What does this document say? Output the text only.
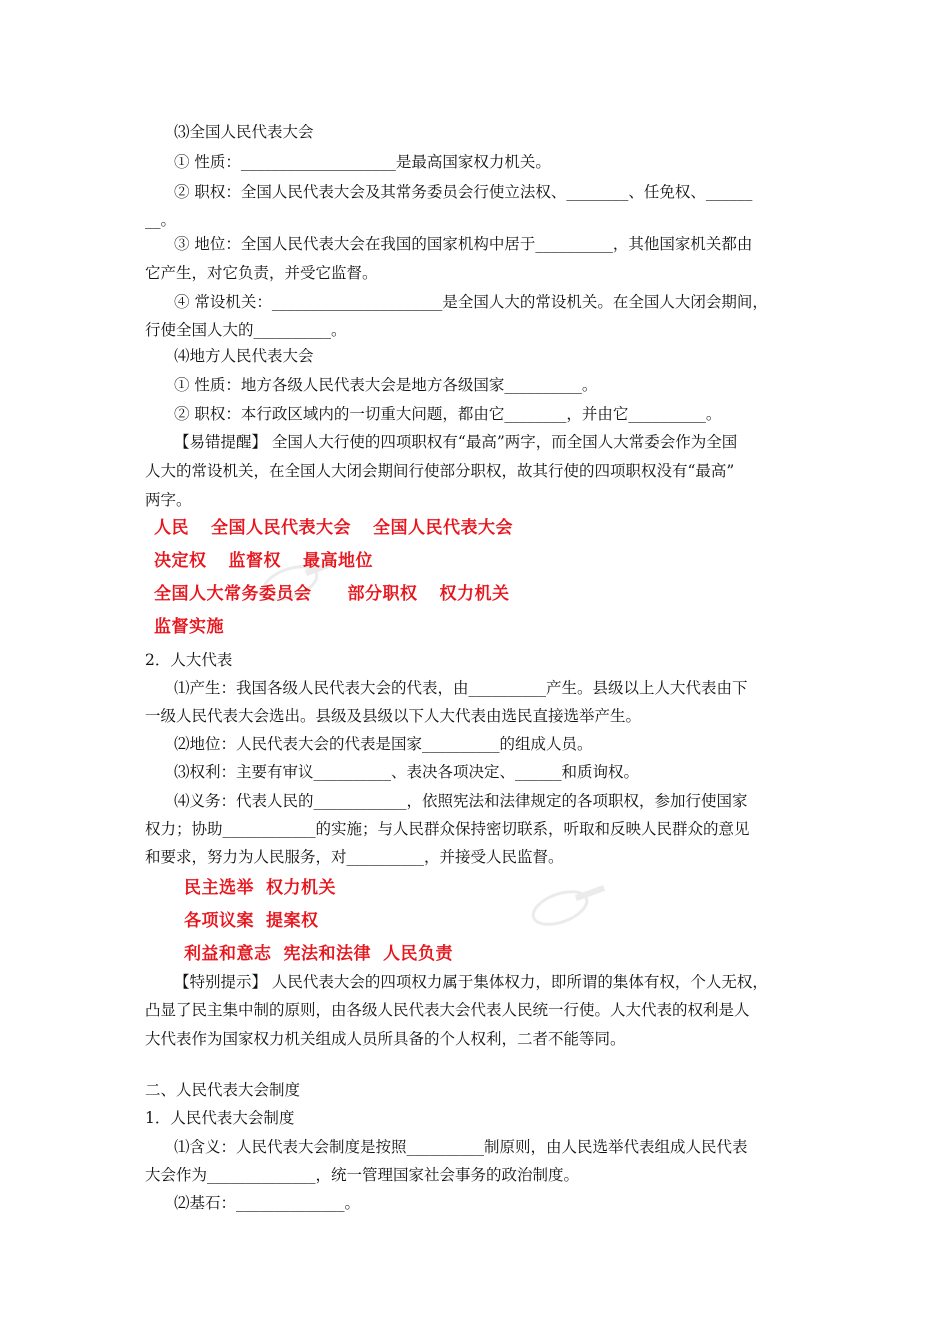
⑶全国人民代表大会
① 性质：____________________是最高国家权力机关。
② 职权：全国人民代表大会及其常务委员会行使立法权、________、任免权、______
__。
③ 地位：全国人民代表大会在我国的国家机构中居于__________，其他国家机关都由
它产生，对它负责，并受它监督。
④ 常设机关：______________________是全国人大的常设机关。在全国人大闭会期间，
行使全国人大的__________。
⑷地方人民代表大会
① 性质：地方各级人民代表大会是地方各级国家__________。
② 职权：本行政区域内的一切重大问题，都由它________，并由它__________。
【易错提醒】 全国人大行使的四项职权有“最高”两字，而全国人大常委会作为全国
人大的常设机关，在全国人大闭会期间行使部分职权，故其行使的四项职权没有“最高”
两字。
人民 全国人民代表大会 全国人民代表大会
决定权 监督权 最高地位
全国人大常务委员会 部分职权 权力机关
监督实施
2．人大代表
⑴产生：我国各级人民代表大会的代表，由__________产生。县级以上人大代表由下
一级人民代表大会选出。县级及县级以下人大代表由选民直接选举产生。
⑵地位：人民代表大会的代表是国家__________的组成人员。
⑶权利：主要有审议__________、表决各项决定、______和质询权。
⑷义务：代表人民的____________，依照宪法和法律规定的各项职权，参加行使国家
权力；协助____________的实施；与人民群众保持密切联系，听取和反映人民群众的意见
和要求，努力为人民服务，对__________，并接受人民监督。
民主选举 权力机关
各项议案 提案权
利益和意志 宪法和法律 人民负责
【特别提示】 人民代表大会的四项权力属于集体权力，即所谓的集体有权，个人无权，
凸显了民主集中制的原则，由各级人民代表大会代表人民统一行使。人大代表的权利是人
大代表作为国家权力机关组成人员所具备的个人权利，二者不能等同。
二、人民代表大会制度
1．人民代表大会制度
⑴含义：人民代表大会制度是按照__________制原则，由人民选举代表组成人民代表
大会作为______________，统一管理国家社会事务的政治制度。
⑵基石：______________。
